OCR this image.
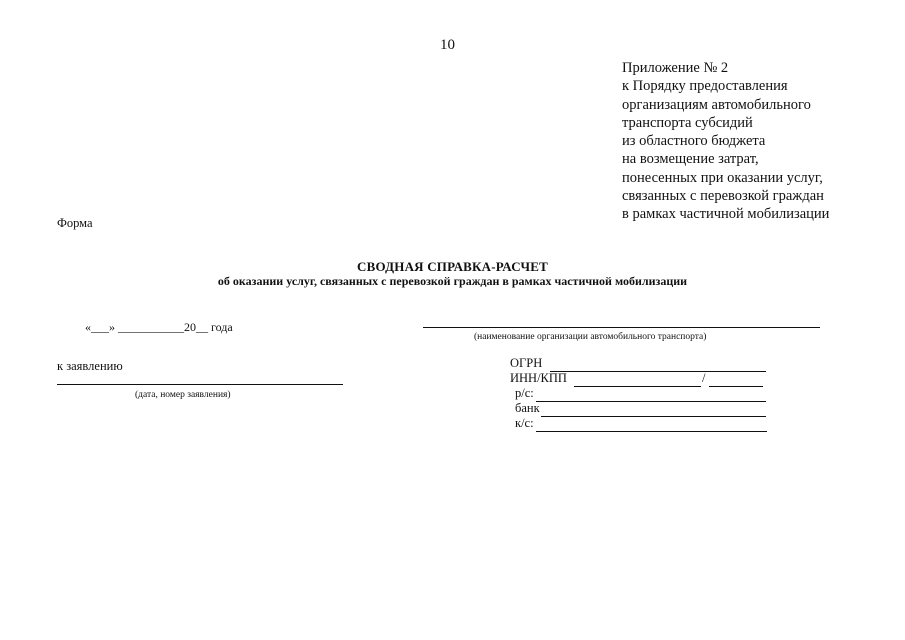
10
Приложение № 2
к Порядку предоставления
организациям автомобильного
транспорта субсидий
из областного бюджета
на возмещение затрат,
понесенных при оказании услуг,
связанных с перевозкой граждан
в рамках частичной мобилизации
Форма
СВОДНАЯ СПРАВКА-РАСЧЕТ
об оказании услуг, связанных с перевозкой граждан в рамках частичной мобилизации
«___» ___________20__ года
(наименование организации автомобильного транспорта)
к заявлению
(дата, номер заявления)
ОГРН
ИНН/КПП	/
р/с:
банк
к/с:
